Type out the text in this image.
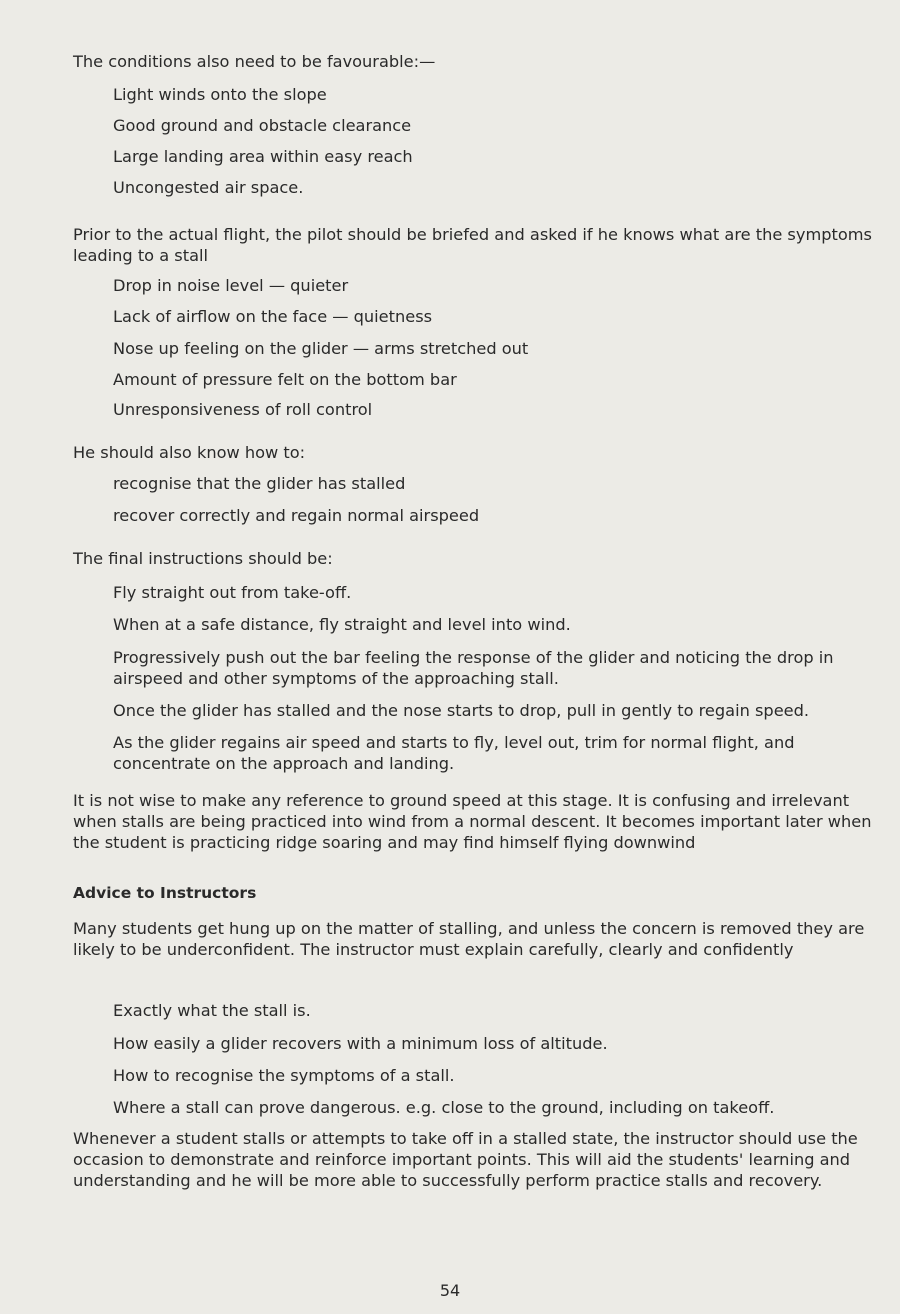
The conditions also need to be favourable:—
Light winds onto the slope
Good ground and obstacle clearance
Large landing area within easy reach
Uncongested air space.
Prior to the actual flight, the pilot should be briefed and asked if he knows what are the symptoms leading to a stall
Drop in noise level — quieter
Lack of airflow on the face — quietness
Nose up feeling on the glider — arms stretched out
Amount of pressure felt on the bottom bar
Unresponsiveness of roll control
He should also know how to:
recognise that the glider has stalled
recover correctly and regain normal airspeed
The final instructions should be:
Fly straight out from take-off.
When at a safe distance, fly straight and level into wind.
Progressively push out the bar feeling the response of the glider and noticing the drop in airspeed and other symptoms of the approaching stall.
Once the glider has stalled and the nose starts to drop, pull in gently to regain speed.
As the glider regains air speed and starts to fly, level out, trim for normal flight, and concentrate on the approach and landing.
It is not wise to make any reference to ground speed at this stage. It is confusing and irrelevant when stalls are being practiced into wind from a normal descent. It becomes important later when the student is practicing ridge soaring and may find himself flying downwind
Advice to Instructors
Many students get hung up on the matter of stalling, and unless the concern is removed they are likely to be underconfident. The instructor must explain carefully, clearly and confidently
Exactly what the stall is.
How easily a glider recovers with a minimum loss of altitude.
How to recognise the symptoms of a stall.
Where a stall can prove dangerous. e.g. close to the ground, including on takeoff.
Whenever a student stalls or attempts to take off in a stalled state, the instructor should use the occasion to demonstrate and reinforce important points. This will aid the students' learning and understanding and he will be more able to successfully perform practice stalls and recovery.
54
